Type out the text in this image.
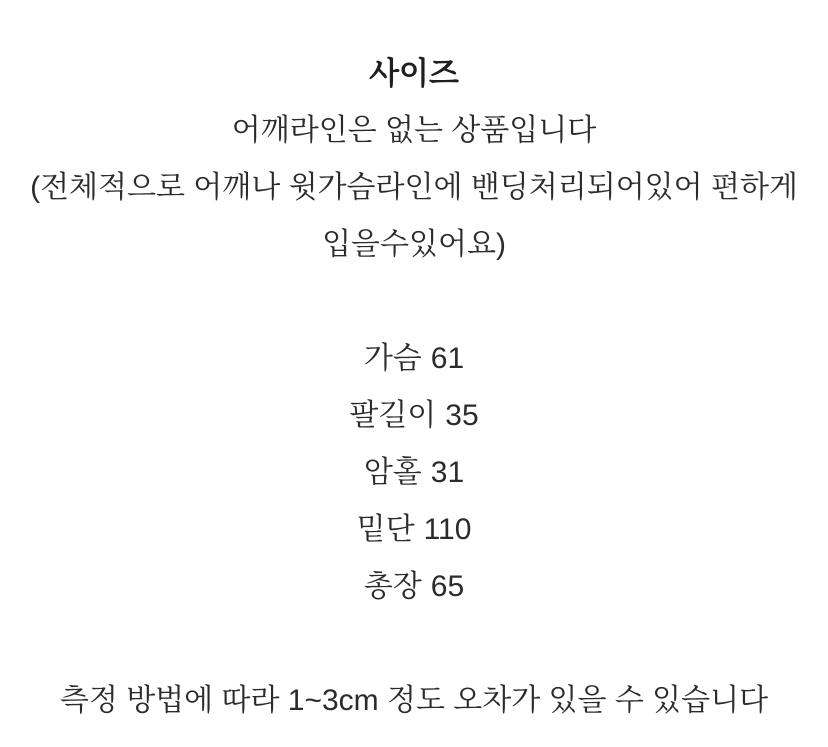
사이즈

어깨라인은 없는 상품입니다

(전체적으로 어깨나 윗가슴라인에 밴딩처리되어있어 편하게 입을수있어요)

가슴 61
팔길이 35
암홀 31
밑단 110
총장 65

측정 방법에 따라 1~3cm 정도 오차가 있을 수 있습니다
